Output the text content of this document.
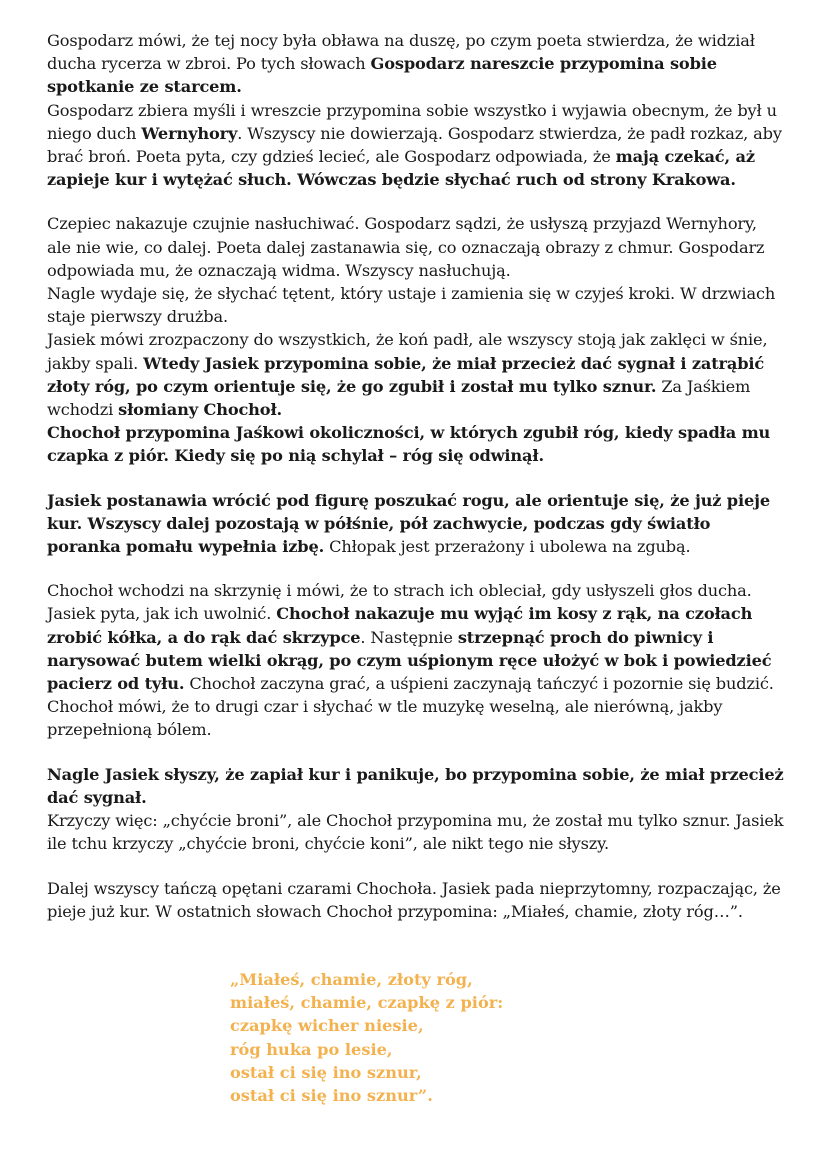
Gospodarz mówi, że tej nocy była obława na duszę, po czym poeta stwierdza, że widział ducha rycerza w zbroi. Po tych słowach Gospodarz nareszcie przypomina sobie spotkanie ze starcem.

Gospodarz zbiera myśli i wreszcie przypomina sobie wszystko i wyjawia obecnym, że był u niego duch Wernyhory. Wszyscy nie dowierzają. Gospodarz stwierdza, że padł rozkaz, aby brać broń. Poeta pyta, czy gdzieś lecieć, ale Gospodarz odpowiada, że mają czekać, aż zapieje kur i wytężać słuch. Wówczas będzie słychać ruch od strony Krakowa.

Czepiec nakazuje czujnie nasłuchiwać. Gospodarz sądzi, że usłyszą przyjazd Wernyhory, ale nie wie, co dalej. Poeta dalej zastanawia się, co oznaczają obrazy z chmur. Gospodarz odpowiada mu, że oznaczają widma. Wszyscy nasłuchują.

Nagle wydaje się, że słychać tętent, który ustaje i zamienia się w czyjeś kroki. W drzwiach staje pierwszy drużba.

Jasiek mówi zrozpaczony do wszystkich, że koń padł, ale wszyscy stoją jak zaklęci w śnie, jakby spali. Wtedy Jasiek przypomina sobie, że miał przecież dać sygnał i zatrąbić złoty róg, po czym orientuje się, że go zgubił i został mu tylko sznur. Za Jaśkiem wchodzi słomiany Chochoł.

Chochoł przypomina Jaśkowi okoliczności, w których zgubił róg, kiedy spadła mu czapka z piór. Kiedy się po nią schylał – róg się odwinął.

Jasiek postanawia wrócić pod figurę poszukać rogu, ale orientuje się, że już pieje kur. Wszyscy dalej pozostają w półśnie, pół zachwycie, podczas gdy światło poranka pomału wypełnia izbę. Chłopak jest przerażony i ubolewa na zgubą.

Chochoł wchodzi na skrzynię i mówi, że to strach ich obleciał, gdy usłyszeli głos ducha. Jasiek pyta, jak ich uwolnić. Chochoł nakazuje mu wyjąć im kosy z rąk, na czołach zrobić kółka, a do rąk dać skrzypce. Następnie strzepnąć proch do piwnicy i narysować butem wielki okrąg, po czym uśpionym ręce ułożyć w bok i powiedzieć pacierz od tyłu. Chochoł zaczyna grać, a uśpieni zaczynają tańczyć i pozornie się budzić.

Chochoł mówi, że to drugi czar i słychać w tle muzykę weselną, ale nierówną, jakby przepełnioną bólem.

Nagle Jasiek słyszy, że zapiał kur i panikuje, bo przypomina sobie, że miał przecież dać sygnał.

Krzyczy więc: „chyćcie broni”, ale Chochoł przypomina mu, że został mu tylko sznur. Jasiek ile tchu krzyczy „chyćcie broni, chyćcie koni”, ale nikt tego nie słyszy.

Dalej wszyscy tańczą opętani czarami Chochoła. Jasiek pada nieprzytomny, rozpaczając, że pieje już kur. W ostatnich słowach Chochoł przypomina: „Miałeś, chamie, złoty róg…”.

„Miałeś, chamie, złoty róg,
miałeś, chamie, czapkę z piór:
czapkę wicher niesie,
róg huka po lesie,
ostał ci się ino sznur,
ostał ci się ino sznur”.
